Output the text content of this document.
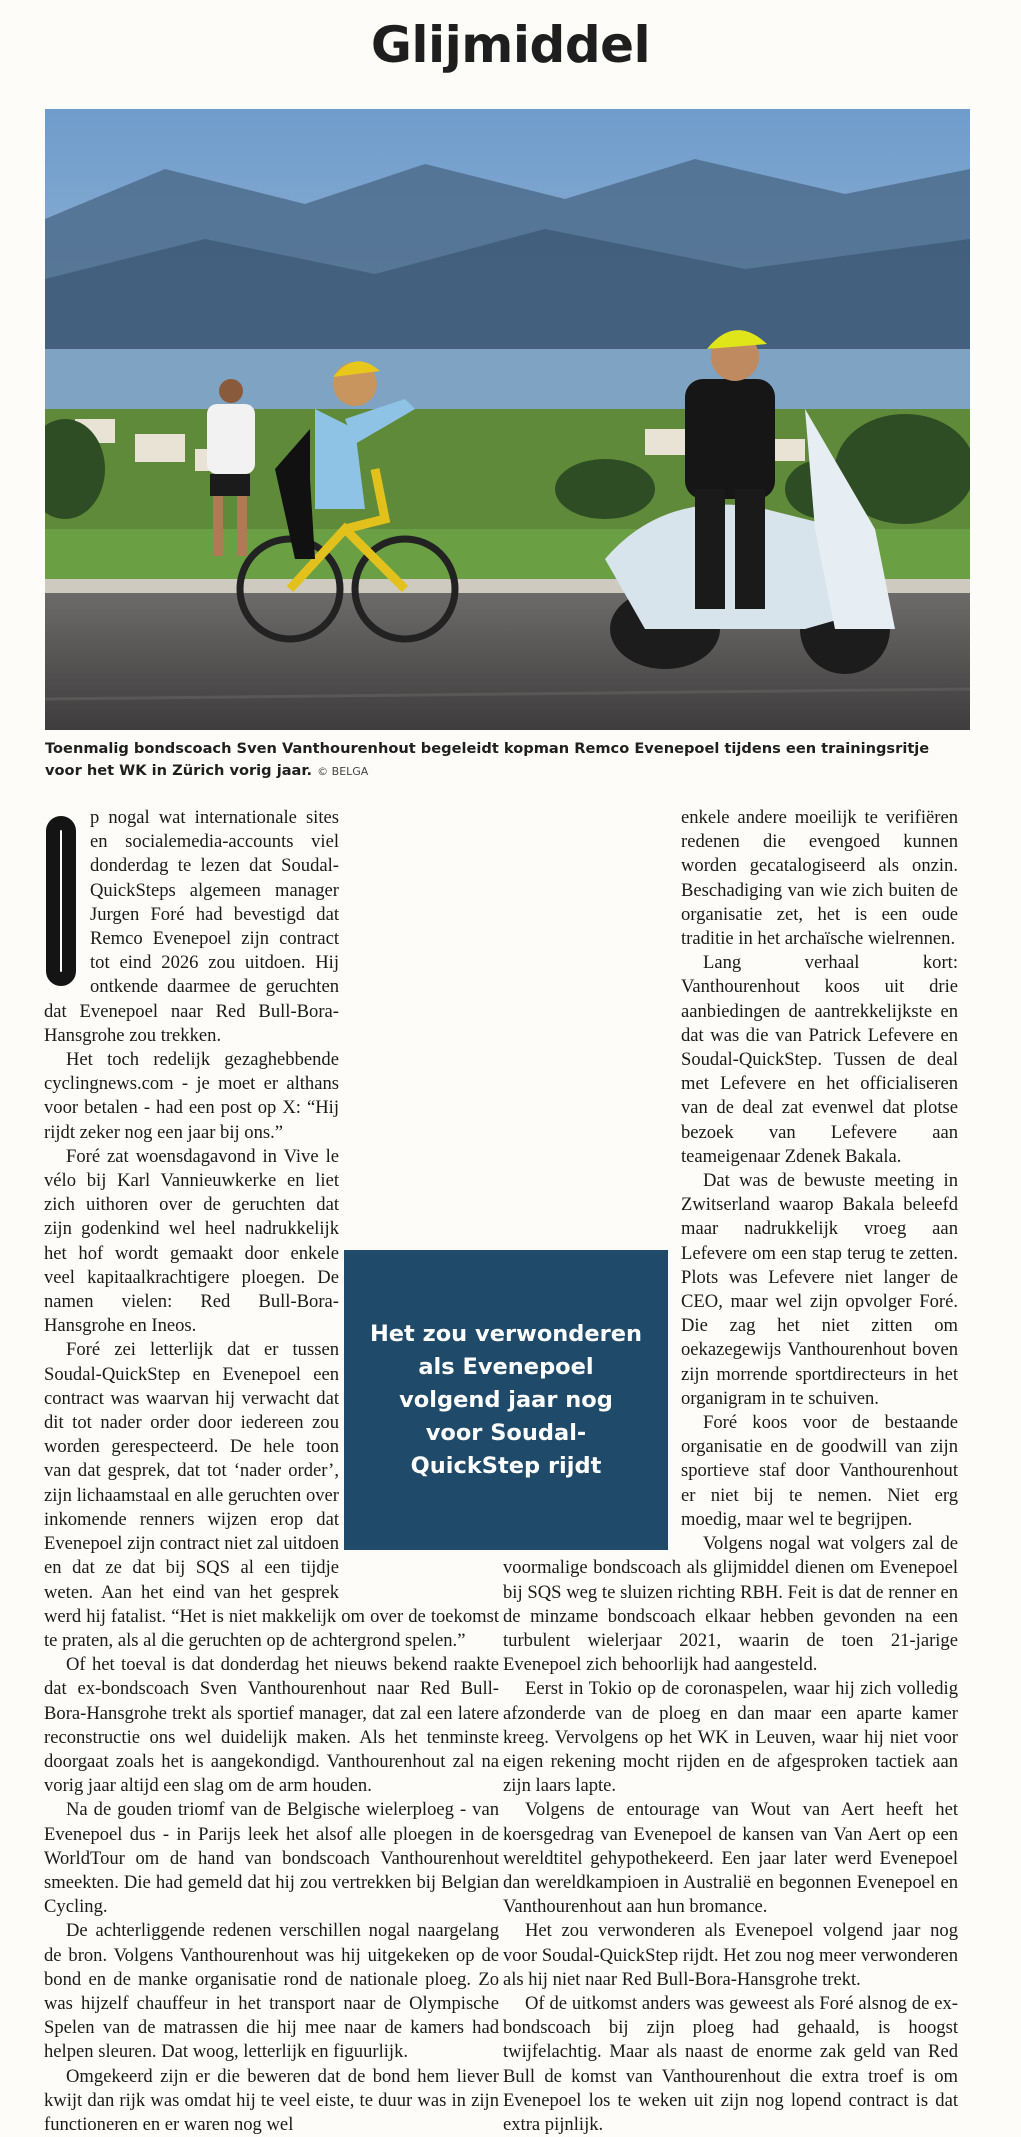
Glijmiddel
Toenmalig bondscoach Sven Vanthourenhout begeleidt kopman Remco Evenepoel tijdens een trainingsritje voor het WK in Zürich vorig jaar. © BELGA

p nogal wat internationale sites en socialemedia-accounts viel donderdag te lezen dat Soudal-QuickSteps algemeen manager Jurgen Foré had bevestigd dat Remco Evenepoel zijn contract tot eind 2026 zou uitdoen. Hij ontkende daarmee de geruchten dat Evenepoel naar Red Bull-Bora-Hansgrohe zou trekken.

Het toch redelijk gezaghebbende cyclingnews.com - je moet er althans voor betalen - had een post op X: “Hij rijdt zeker nog een jaar bij ons.”

Foré zat woensdagavond in Vive le vélo bij Karl Vannieuwkerke en liet zich uithoren over de geruchten dat zijn godenkind wel heel nadrukkelijk het hof wordt gemaakt door enkele veel kapitaalkrachtigere ploegen. De namen vielen: Red Bull-Bora-Hansgrohe en Ineos.

Foré zei letterlijk dat er tussen Soudal-QuickStep en Evenepoel een contract was waarvan hij verwacht dat dit tot nader order door iedereen zou worden gerespecteerd. De hele toon van dat gesprek, dat tot ‘nader order’, zijn lichaamstaal en alle geruchten over inkomende renners wijzen erop dat Evenepoel zijn contract niet zal uitdoen en dat ze dat bij SQS al een tijdje weten. Aan het eind van het gesprek werd hij fatalist. “Het is niet makkelijk om over de toekomst te praten, als al die geruchten op de achtergrond spelen.”

Of het toeval is dat donderdag het nieuws bekend raakte dat ex-bondscoach Sven Vanthourenhout naar Red Bull-Bora-Hansgrohe trekt als sportief manager, dat zal een latere reconstructie ons wel duidelijk maken. Als het tenminste doorgaat zoals het is aangekondigd. Vanthourenhout zal na vorig jaar altijd een slag om de arm houden.

Na de gouden triomf van de Belgische wielerploeg - van Evenepoel dus - in Parijs leek het alsof alle ploegen in de WorldTour om de hand van bondscoach Vanthourenhout smeekten. Die had gemeld dat hij zou vertrekken bij Belgian Cycling.

De achterliggende redenen verschillen nogal naargelang de bron. Volgens Vanthourenhout was hij uitgekeken op de bond en de manke organisatie rond de nationale ploeg. Zo was hijzelf chauffeur in het transport naar de Olympische Spelen van de matrassen die hij mee naar de kamers had helpen sleuren. Dat woog, letterlijk en figuurlijk.

Omgekeerd zijn er die beweren dat de bond hem liever kwijt dan rijk was omdat hij te veel eiste, te duur was in zijn functioneren en er waren nog wel

enkele andere moeilijk te verifiëren redenen die evengoed kunnen worden gecatalogiseerd als onzin. Beschadiging van wie zich buiten de organisatie zet, het is een oude traditie in het archaïsche wielrennen.

Lang verhaal kort: Vanthourenhout koos uit drie aanbiedingen de aantrekkelijkste en dat was die van Patrick Lefevere en Soudal-QuickStep. Tussen de deal met Lefevere en het officialiseren van de deal zat evenwel dat plotse bezoek van Lefevere aan teameigenaar Zdenek Bakala.

Dat was de bewuste meeting in Zwitserland waarop Bakala beleefd maar nadrukkelijk vroeg aan Lefevere om een stap terug te zetten. Plots was Lefevere niet langer de CEO, maar wel zijn opvolger Foré. Die zag het niet zitten om oekazegewijs Vanthourenhout boven zijn morrende sportdirecteurs in het organigram in te schuiven.

Foré koos voor de bestaande organisatie en de goodwill van zijn sportieve staf door Vanthourenhout er niet bij te nemen. Niet erg moedig, maar wel te begrijpen.

Volgens nogal wat volgers zal de voormalige bondscoach als glijmiddel dienen om Evenepoel bij SQS weg te sluizen richting RBH. Feit is dat de renner en de minzame bondscoach elkaar hebben gevonden na een turbulent wielerjaar 2021, waarin de toen 21-jarige Evenepoel zich behoorlijk had aangesteld.

Eerst in Tokio op de coronaspelen, waar hij zich volledig afzonderde van de ploeg en dan maar een aparte kamer kreeg. Vervolgens op het WK in Leuven, waar hij niet voor eigen rekening mocht rijden en de afgesproken tactiek aan zijn laars lapte.

Volgens de entourage van Wout van Aert heeft het koersgedrag van Evenepoel de kansen van Van Aert op een wereldtitel gehypothekeerd. Een jaar later werd Evenepoel dan wereldkampioen in Australië en begonnen Evenepoel en Vanthourenhout aan hun bromance.

Het zou verwonderen als Evenepoel volgend jaar nog voor Soudal-QuickStep rijdt. Het zou nog meer verwonderen als hij niet naar Red Bull-Bora-Hansgrohe trekt.

Of de uitkomst anders was geweest als Foré alsnog de ex-bondscoach bij zijn ploeg had gehaald, is hoogst twijfelachtig. Maar als naast de enorme zak geld van Red Bull de komst van Vanthourenhout die extra troef is om Evenepoel los te weken uit zijn nog lopend contract is dat extra pijnlijk.

Het zou verwonderen als Evenepoel volgend jaar nog voor Soudal-QuickStep rijdt
